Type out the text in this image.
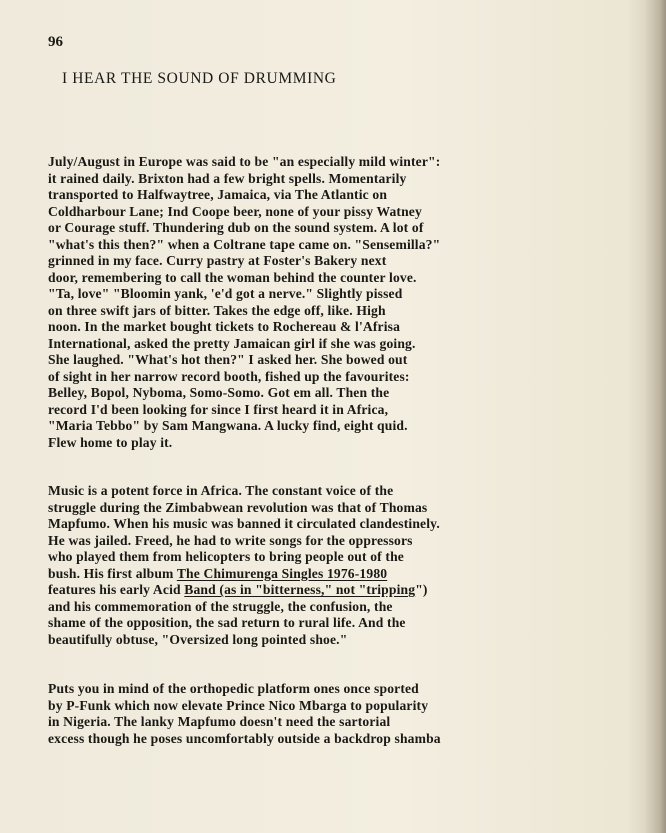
96
I HEAR THE SOUND OF DRUMMING
July/August in Europe was said to be "an especially mild winter":
it rained daily. Brixton had a few bright spells. Momentarily
transported to Halfwaytree, Jamaica, via The Atlantic on
Coldharbour Lane; Ind Coope beer, none of your pissy Watney
or Courage stuff. Thundering dub on the sound system. A lot of
"what's this then?" when a Coltrane tape came on. "Sensemilla?"
grinned in my face. Curry pastry at Foster's Bakery next
door, remembering to call the woman behind the counter love.
"Ta, love" "Bloomin yank, 'e'd got a nerve." Slightly pissed
on three swift jars of bitter. Takes the edge off, like. High
noon. In the market bought tickets to Rochereau & l'Afrisa
International, asked the pretty Jamaican girl if she was going.
She laughed. "What's hot then?" I asked her. She bowed out
of sight in her narrow record booth, fished up the favourites:
Belley, Bopol, Nyboma, Somo-Somo. Got em all. Then the
record I'd been looking for since I first heard it in Africa,
"Maria Tebbo" by Sam Mangwana. A lucky find, eight quid.
Flew home to play it.
Music is a potent force in Africa. The constant voice of the
struggle during the Zimbabwean revolution was that of Thomas
Mapfumo. When his music was banned it circulated clandestinely.
He was jailed. Freed, he had to write songs for the oppressors
who played them from helicopters to bring people out of the
bush. His first album The Chimurenga Singles 1976-1980
features his early Acid Band (as in "bitterness," not "tripping")
and his commemoration of the struggle, the confusion, the
shame of the opposition, the sad return to rural life. And the
beautifully obtuse, "Oversized long pointed shoe."
Puts you in mind of the orthopedic platform ones once sported
by P-Funk which now elevate Prince Nico Mbarga to popularity
in Nigeria. The lanky Mapfumo doesn't need the sartorial
excess though he poses uncomfortably outside a backdrop shamba
